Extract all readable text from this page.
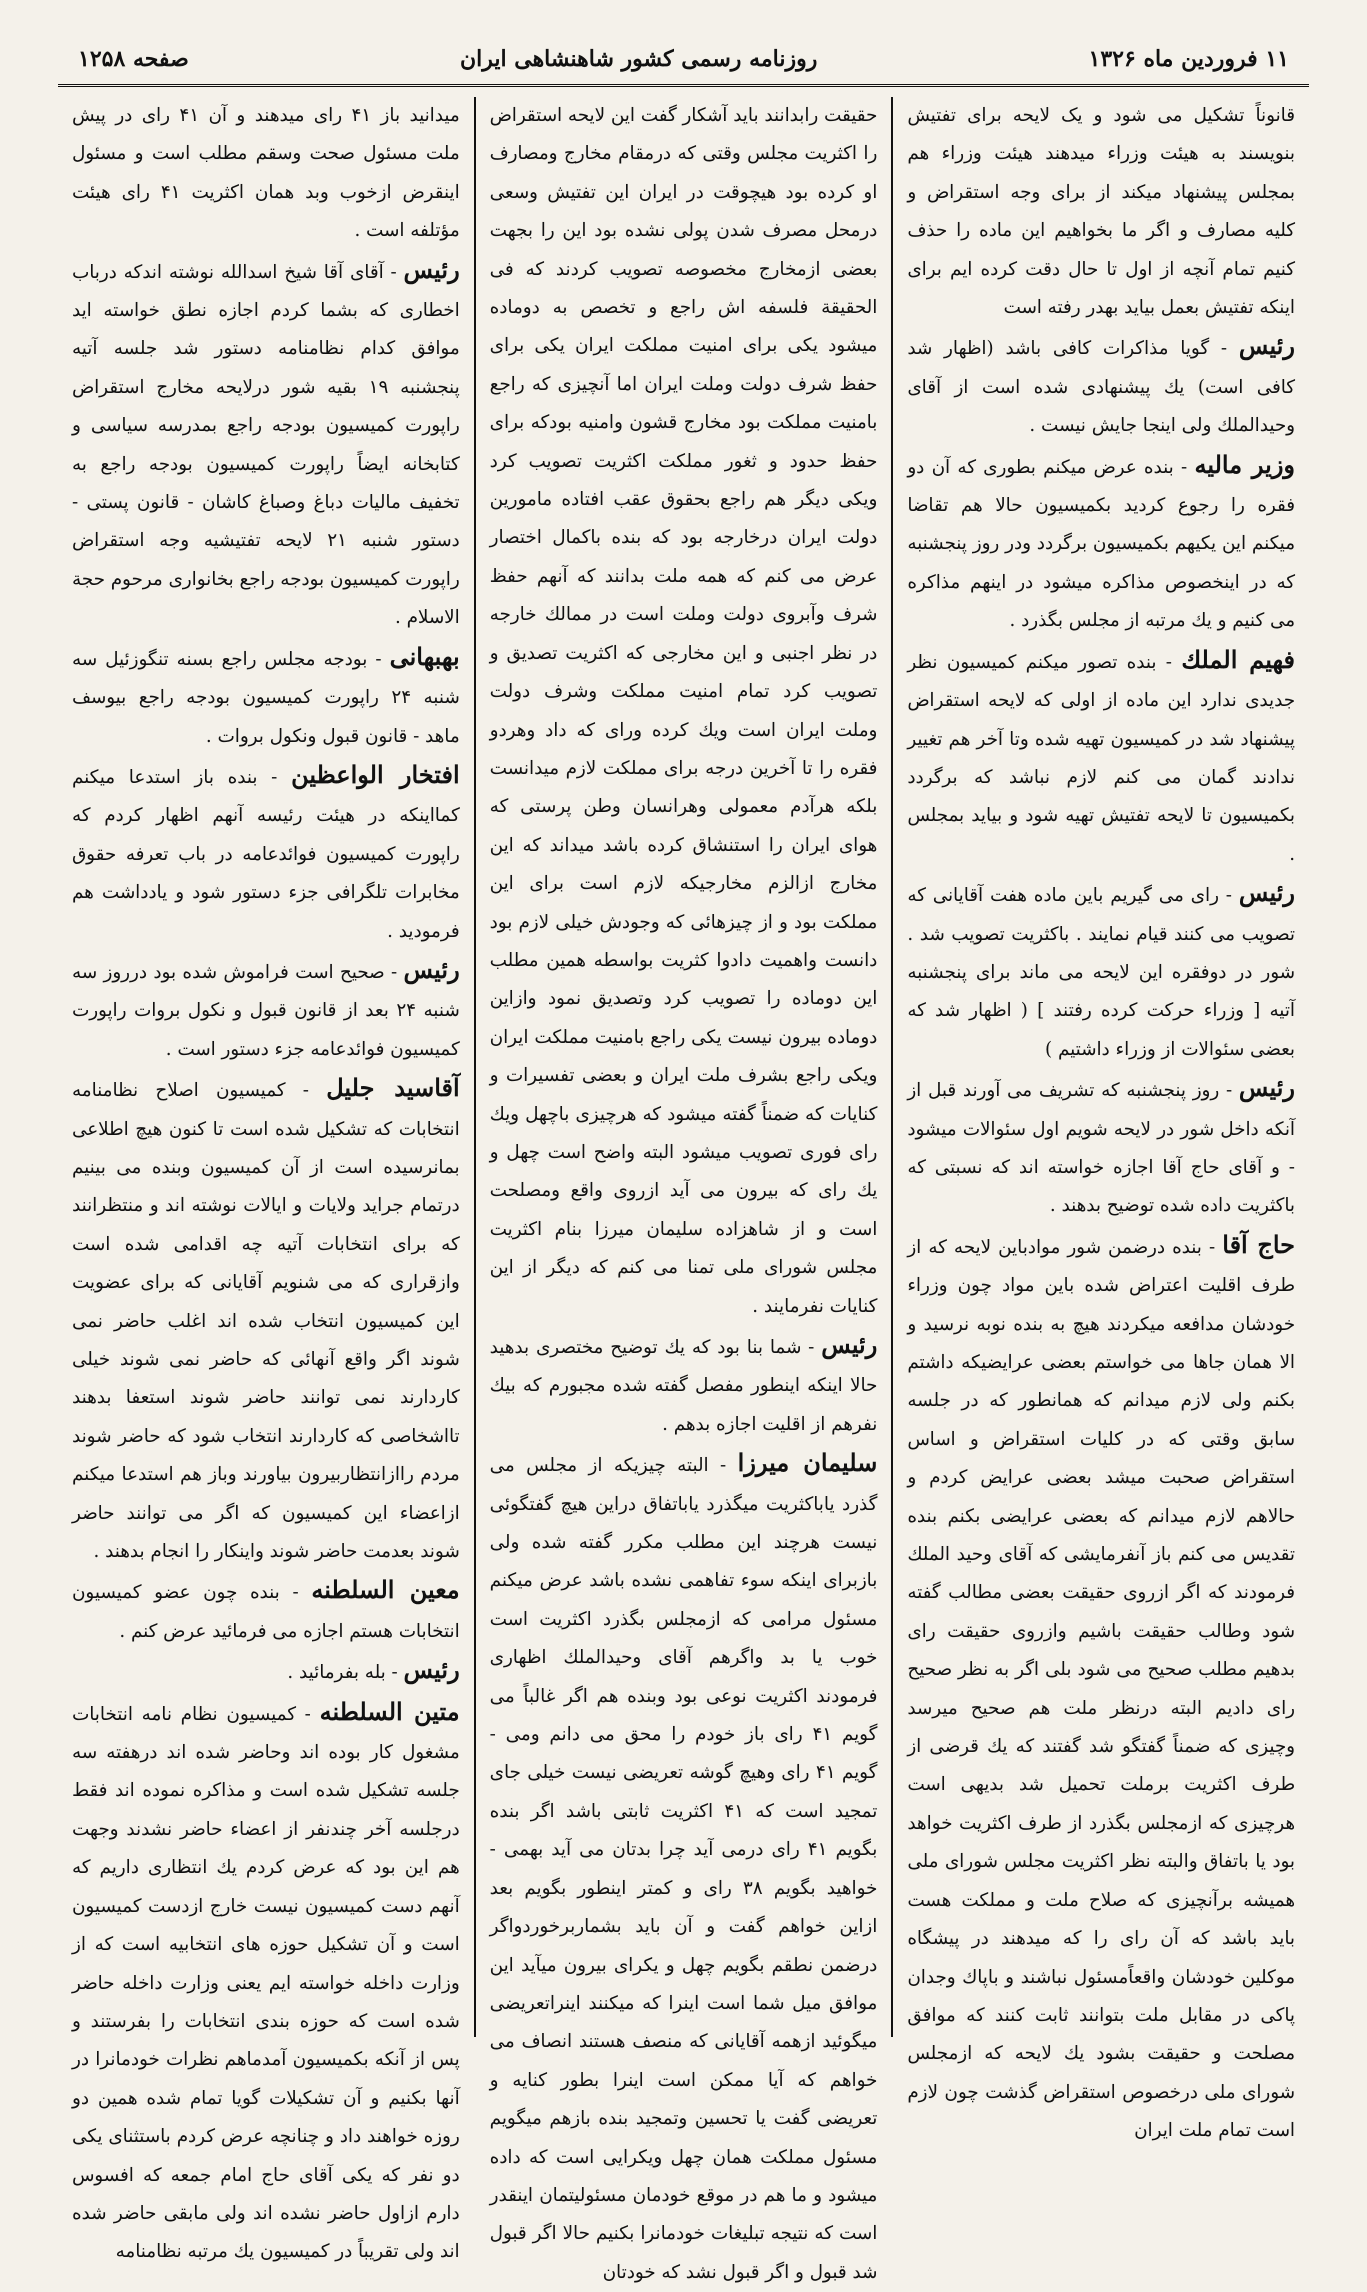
صفحه ۱۲۵۸	روزنامه رسمی کشور شاهنشاهی ایران	۱۱ فروردین ماه ۱۳۲۶

قانوناً تشکیل می شود و یک لایحه برای تفتیش بنویسند به هیئت وزراء میدهند هیئت وزراء هم بمجلس پیشنهاد میکند از برای وجه استقراض و کلیه مصارف و اگر ما بخواهیم این ماده را حذف کنیم تمام آنچه از اول تا حال دقت کرده ایم برای اینکه تفتیش بعمل بیاید بهدر رفته است

رئیس - گویا مذاکرات کافی باشد (اظهار شد کافی است) یك پیشنهادی شده است از آقای وحیدالملك ولی اینجا جایش نیست .

وزیر مالیه - بنده عرض میکنم بطوری که آن دو فقره را رجوع کردید بکمیسیون حالا هم تقاضا میکنم این یکیهم بکمیسیون برگردد ودر روز پنجشنبه که در اینخصوص مذاکره میشود در اینهم مذاکره می کنیم و یك مرتبه از مجلس بگذرد .

فهیم الملك - بنده تصور میکنم کمیسیون نظر جدیدی ندارد این ماده از اولی که لایحه استقراض پیشنهاد شد در کمیسیون تهیه شده وتا آخر هم تغییر ندادند گمان می کنم لازم نباشد که برگردد بکمیسیون تا لایحه تفتیش تهیه شود و بیاید بمجلس .

رئیس - رای می گیریم باین ماده هفت آقایانی که تصویب می کنند قیام نمایند . باکثریت تصویب شد . شور در دوفقره این لایحه می ماند برای پنجشنبه آتیه [ وزراء حرکت کرده رفتند ] ( اظهار شد که بعضی سئوالات از وزراء داشتیم )

رئیس - روز پنجشنبه که تشریف می آورند قبل از آنکه داخل شور در لایحه شویم اول سئوالات میشود - و آقای حاج آقا اجازه خواسته اند که نسبتی که باکثریت داده شده توضیح بدهند .

حاج آقا - بنده درضمن شور موادباین لایحه که از طرف اقلیت اعتراض شده باین مواد چون وزراء خودشان مدافعه میکردند هیچ به بنده نوبه نرسید و الا همان جاها می خواستم بعضی عرایضیکه داشتم بکنم ولی لازم میدانم که همانطور که در جلسه سابق وقتی که در کلیات استقراض و اساس استقراض صحبت میشد بعضی عرایض کردم و حالاهم لازم میدانم که بعضی عرایضی بکنم بنده تقدیس می کنم باز آنفرمایشی که آقای وحید الملك فرمودند که اگر ازروی حقیقت بعضی مطالب گفته شود وطالب حقیقت باشیم وازروی حقیقت رای بدهیم مطلب صحیح می شود بلی اگر به نظر صحیح رای دادیم البته درنظر ملت هم صحیح میرسد وچیزی که ضمناً گفتگو شد گفتند که یك قرضی از طرف اکثریت برملت تحمیل شد بدیهی است هرچیزی که ازمجلس بگذرد از طرف اکثریت خواهد بود یا باتفاق والبته نظر اکثریت مجلس شورای ملی همیشه برآنچیزی که صلاح ملت و مملکت هست باید باشد که آن رای را که میدهند در پیشگاه موکلین خودشان واقعاًمسئول نباشند و باپاك وجدان پاکی در مقابل ملت بتوانند ثابت کنند که موافق مصلحت و حقیقت بشود یك لایحه که ازمجلس شورای ملی درخصوص استقراض گذشت چون لازم است تمام ملت ایران

حقیقت رابدانند باید آشکار گفت این لایحه استقراض را اکثریت مجلس وقتی که درمقام مخارج ومصارف او کرده بود هیچوقت در ایران این تفتیش وسعی درمحل مصرف شدن پولی نشده بود این را بجهت بعضی ازمخارج مخصوصه تصویب کردند که فی الحقیقة فلسفه اش راجع و تخصص به دوماده میشود یکی برای امنیت مملکت ایران یکی برای حفظ شرف دولت وملت ایران اما آنچیزی که راجع بامنیت مملکت بود مخارج قشون وامنیه بودکه برای حفظ حدود و ثغور مملکت اکثریت تصویب کرد ویکی دیگر هم راجع بحقوق عقب افتاده مامورین دولت ایران درخارجه بود که بنده باکمال اختصار عرض می کنم که همه ملت بدانند که آنهم حفظ شرف وآبروی دولت وملت است در ممالك خارجه در نظر اجنبی و این مخارجی که اکثریت تصدیق و تصویب کرد تمام امنیت مملکت وشرف دولت وملت ایران است ویك کرده ورای که داد وهردو فقره را تا آخرین درجه برای مملکت لازم میدانست بلکه هرآدم معمولی وهرانسان وطن پرستی که هوای ایران را استنشاق کرده باشد میداند که این مخارج ازالزم مخارجیکه لازم است برای این مملکت بود و از چیزهائی که وجودش خیلی لازم بود دانست واهمیت دادوا کثریت بواسطه همین مطلب این دوماده را تصویب کرد وتصدیق نمود وازاین دوماده بیرون نیست یکی راجع بامنیت مملکت ایران ویکی راجع بشرف ملت ایران و بعضی تفسیرات و کنایات که ضمناً گفته میشود که هرچیزی باچهل ویك رای فوری تصویب میشود البته واضح است چهل و یك رای که بیرون می آید ازروی واقع ومصلحت است و از شاهزاده سلیمان میرزا بنام اکثریت مجلس شورای ملی تمنا می کنم که دیگر از این کنایات نفرمایند .

رئیس - شما بنا بود که یك توضیح مختصری بدهید حالا اینکه اینطور مفصل گفته شده مجبورم که بیك نفرهم از اقلیت اجازه بدهم .

سلیمان میرزا - البته چیزیکه از مجلس می گذرد یاباکثریت میگذرد یاباتفاق دراین هیچ گفتگوئی نیست هرچند این مطلب مکرر گفته شده ولی بازبرای اینکه سوء تفاهمی نشده باشد عرض میکنم مسئول مرامی که ازمجلس بگذرد اکثریت است خوب یا بد واگرهم آقای وحیدالملك اظهاری فرمودند اکثریت نوعی بود وبنده هم اگر غالباً می گویم ۴۱ رای باز خودم را محق می دانم ومی - گویم ۴۱ رای وهیچ گوشه تعریضی نیست خیلی جای تمجید است که ۴۱ اکثریت ثابتی باشد اگر بنده بگویم ۴۱ رای درمی آید چرا بدتان می آید بهمی - خواهید بگویم ۳۸ رای و کمتر اینطور بگویم بعد ازاین خواهم گفت و آن باید بشماربرخوردواگر درضمن نطقم بگویم چهل و یکرای بیرون میآید این موافق میل شما است اینرا که میکنند اینراتعریضی میگوئید ازهمه آقایانی که منصف هستند انصاف می خواهم که آیا ممکن است اینرا بطور کنایه و تعریضی گفت یا تحسین وتمجید بنده بازهم میگویم مسئول مملکت همان چهل ویکرایی است که داده میشود و ما هم در موقع خودمان مسئولیتمان اینقدر است که نتیجه تبلیغات خودمانرا بکنیم حالا اگر قبول شد قبول و اگر قبول نشد که خودتان

میدانید باز ۴۱ رای میدهند و آن ۴۱ رای در پیش ملت مسئول صحت وسقم مطلب است و مسئول اینقرض ازخوب وبد همان اکثریت ۴۱ رای هیئت مؤتلفه است .

رئیس - آقای آقا شیخ اسدالله نوشته اندکه درباب اخطاری که بشما کردم اجازه نطق خواسته اید موافق کدام نظامنامه دستور شد جلسه آتیه پنجشنبه ۱۹ بقیه شور درلایحه مخارج استقراض راپورت کمیسیون بودجه راجع بمدرسه سیاسی و کتابخانه ایضاً راپورت کمیسیون بودجه راجع به تخفیف مالیات دباغ وصباغ کاشان - قانون پستی - دستور شنبه ۲۱ لایحه تفتیشیه وجه استقراض راپورت کمیسیون بودجه راجع بخانواری مرحوم حجة الاسلام .

بهبهانی - بودجه مجلس راجع بسنه تنگوزئیل سه شنبه ۲۴ راپورت کمیسیون بودجه راجع بیوسف ماهد - قانون قبول ونکول بروات .

افتخار الواعظین - بنده باز استدعا میکنم کمااینکه در هیئت رئیسه آنهم اظهار کردم که راپورت کمیسیون فوائدعامه در باب تعرفه حقوق مخابرات تلگرافی جزء دستور شود و یادداشت هم فرمودید .

رئیس - صحیح است فراموش شده بود درروز سه شنبه ۲۴ بعد از قانون قبول و نکول بروات راپورت کمیسیون فوائدعامه جزء دستور است .

آقاسید جلیل - کمیسیون اصلاح نظامنامه انتخابات که تشکیل شده است تا کنون هیچ اطلاعی بمانرسیده است از آن کمیسیون وبنده می بینیم درتمام جراید ولایات و ایالات نوشته اند و منتظرانند که برای انتخابات آتیه چه اقدامی شده است وازقراری که می شنویم آقایانی که برای عضویت این کمیسیون انتخاب شده اند اغلب حاضر نمی شوند اگر واقع آنهائی که حاضر نمی شوند خیلی کاردارند نمی توانند حاضر شوند استعفا بدهند تااشخاصی که کاردارند انتخاب شود که حاضر شوند مردم راازانتظاربیرون بیاورند وباز هم استدعا میکنم ازاعضاء این کمیسیون که اگر می توانند حاضر شوند بعدمت حاضر شوند واینکار را انجام بدهند .

معین السلطنه - بنده چون عضو کمیسیون انتخابات هستم اجازه می فرمائید عرض کنم .

رئیس - بله بفرمائید .

متین السلطنه - کمیسیون نظام نامه انتخابات مشغول کار بوده اند وحاضر شده اند درهفته سه جلسه تشکیل شده است و مذاکره نموده اند فقط درجلسه آخر چندنفر از اعضاء حاضر نشدند وجهت هم این بود که عرض کردم یك انتظاری داریم که آنهم دست کمیسیون نیست خارج ازدست کمیسیون است و آن تشکیل حوزه های انتخابیه است که از وزارت داخله خواسته ایم یعنی وزارت داخله حاضر شده است که حوزه بندی انتخابات را بفرستند و پس از آنکه بکمیسیون آمدماهم نظرات خودمانرا در آنها بکنیم و آن تشکیلات گویا تمام شده همین دو روزه خواهند داد و چنانچه عرض کردم باستثنای یکی دو نفر که یکی آقای حاج امام جمعه که افسوس دارم ازاول حاضر نشده اند ولی مابقی حاضر شده اند ولی تقریباً در کمیسیون یك مرتبه نظامنامه
